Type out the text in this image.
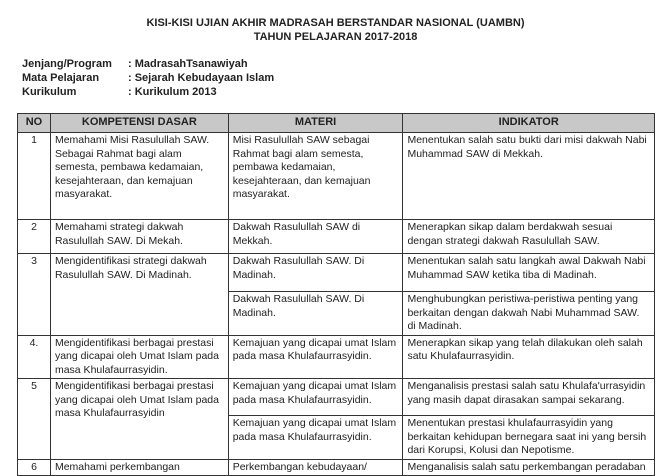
KISI-KISI UJIAN AKHIR MADRASAH BERSTANDAR NASIONAL (UAMBN)
TAHUN PELAJARAN 2017-2018
Jenjang/Program : MadrasahTsanawiyah
Mata Pelajaran	: Sejarah Kebudayaan Islam
Kurikulum	: Kurikulum 2013
NO	KOMPETENSI DASAR	MATERI	INDIKATOR
1	Memahami Misi Rasulullah SAW. Sebagai Rahmat bagi alam semesta, pembawa kedamaian, kesejahteraan, dan kemajuan masyarakat.	Misi Rasulullah SAW sebagai Rahmat bagi alam semesta, pembawa kedamaian, kesejahteraan, dan kemajuan masyarakat.	Menentukan salah satu bukti dari misi dakwah Nabi Muhammad SAW di Mekkah.
2	Memahami strategi dakwah Rasulullah SAW. Di Mekah.	Dakwah Rasulullah SAW di Mekkah.	Menerapkan sikap dalam berdakwah sesuai dengan strategi dakwah Rasulullah SAW.
3	Mengidentifikasi strategi dakwah Rasulullah SAW. Di Madinah.	Dakwah Rasulullah SAW. Di Madinah.	Menentukan salah satu langkah awal Dakwah Nabi Muhammad SAW ketika tiba di Madinah.
		Dakwah Rasulullah SAW. Di Madinah.	Menghubungkan peristiwa-peristiwa penting yang berkaitan dengan dakwah Nabi Muhammad SAW. di Madinah.
4.	Mengidentifikasi berbagai prestasi yang dicapai oleh Umat Islam pada masa Khulafaurrasyidin.	Kemajuan yang dicapai umat Islam pada masa Khulafaurrasyidin.	Menerapkan sikap yang telah dilakukan oleh salah satu Khulafaurrasyidin.
5	Mengidentifikasi berbagai prestasi yang dicapai oleh Umat Islam pada masa Khulafaurrasyidin	Kemajuan yang dicapai umat Islam pada masa Khulafaurrasyidin.	Menganalisis prestasi salah satu Khulafa'urrasyidin yang masih dapat dirasakan sampai sekarang.
		Kemajuan yang dicapai umat Islam pada masa Khulafaurrasyidin.	Menentukan prestasi khulafaurrasyidin yang berkaitan kehidupan bernegara saat ini yang bersih dari Korupsi, Kolusi dan Nepotisme.
6	Memahami perkembangan	Perkembangan kebudayaan/	Menganalisis salah satu perkembangan peradaban
